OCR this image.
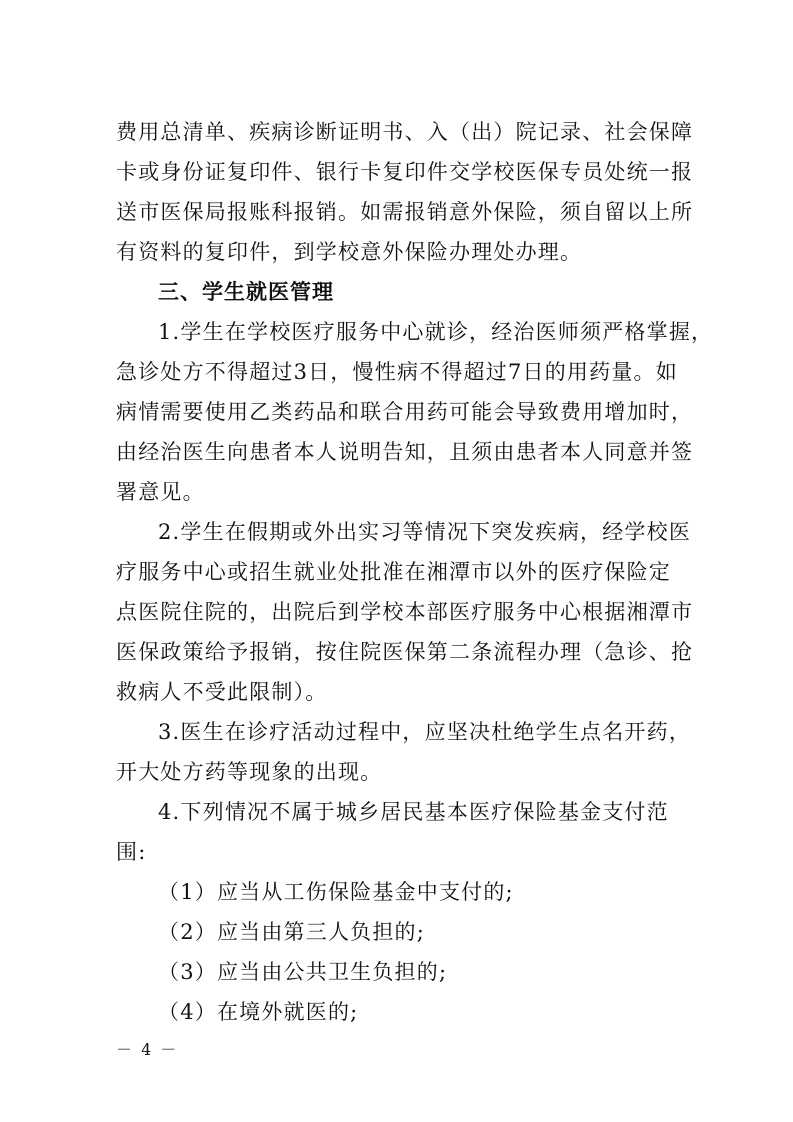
费用总清单、疾病诊断证明书、入（出）院记录、社会保障
卡或身份证复印件、银行卡复印件交学校医保专员处统一报
送市医保局报账科报销。如需报销意外保险，须自留以上所
有资料的复印件，到学校意外保险办理处办理。
三、学生就医管理
1.学生在学校医疗服务中心就诊，经治医师须严格掌握，
急诊处方不得超过3日，慢性病不得超过7日的用药量。如
病情需要使用乙类药品和联合用药可能会导致费用增加时，
由经治医生向患者本人说明告知，且须由患者本人同意并签
署意见。
2.学生在假期或外出实习等情况下突发疾病，经学校医
疗服务中心或招生就业处批准在湘潭市以外的医疗保险定
点医院住院的，出院后到学校本部医疗服务中心根据湘潭市
医保政策给予报销，按住院医保第二条流程办理（急诊、抢
救病人不受此限制）。
3.医生在诊疗活动过程中，应坚决杜绝学生点名开药，
开大处方药等现象的出现。
4.下列情况不属于城乡居民基本医疗保险基金支付范
围:
（1）应当从工伤保险基金中支付的;
（2）应当由第三人负担的;
（3）应当由公共卫生负担的;
（4）在境外就医的;
－ 4 －
